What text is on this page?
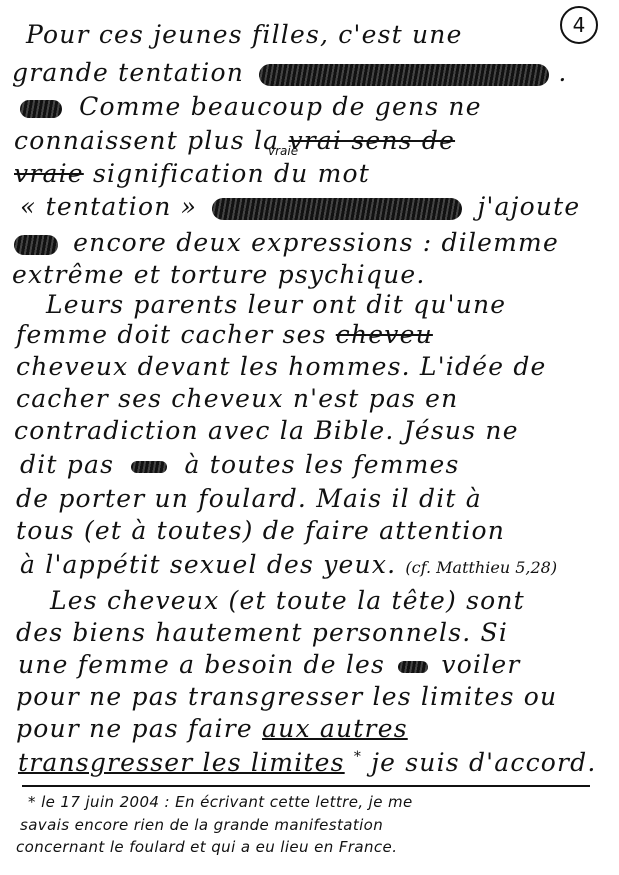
4
Pour ces jeunes filles, c'est une
grande tentation	.
Comme beaucoup de gens ne
connaissent plus la vrai sens de
vraie
vraie signification du mot
« tentation »	j'ajoute
encore deux expressions : dilemme
extrême et torture psychique.
Leurs parents leur ont dit qu'une
femme doit cacher ses cheveu
cheveux devant les hommes. L'idée de
cacher ses cheveux n'est pas en
contradiction avec la Bible. Jésus ne
dit pas	à toutes les femmes
de porter un foulard. Mais il dit à
tous (et à toutes) de faire attention
à l'appétit sexuel des yeux. (cf. Matthieu 5,28)
Les cheveux (et toute la tête) sont
des biens hautement personnels. Si
une femme a besoin de les voiler
pour ne pas transgresser les limites ou
pour ne pas faire aux autres
transgresser les limites * je suis d'accord.
* le 17 juin 2004 : En écrivant cette lettre, je me
savais encore rien de la grande manifestation
concernant le foulard et qui a eu lieu en France.
